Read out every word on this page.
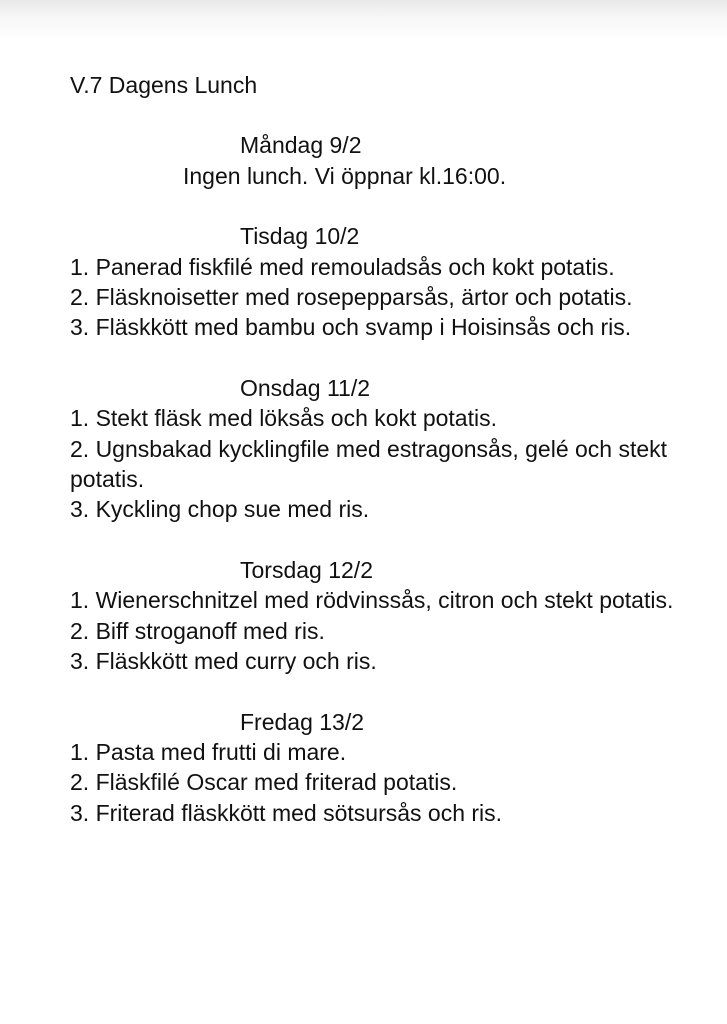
V.7 Dagens Lunch
Måndag 9/2
Ingen lunch. Vi öppnar kl.16:00.
Tisdag 10/2
1. Panerad fiskfilé med remouladsås och kokt potatis.
2. Fläsknoisetter med rosepepparsås, ärtor och potatis.
3. Fläskkött med bambu och svamp i Hoisinsås och ris.
Onsdag 11/2
1. Stekt fläsk med löksås och kokt potatis.
2. Ugnsbakad kycklingfile med estragonsås, gelé och stekt potatis.
3. Kyckling chop sue med ris.
Torsdag 12/2
1. Wienerschnitzel med rödvinssås, citron och stekt potatis.
2. Biff stroganoff med ris.
3. Fläskkött med curry och ris.
Fredag 13/2
1. Pasta med frutti di mare.
2. Fläskfilé Oscar med friterad potatis.
3. Friterad fläskkött med sötsursås och ris.
